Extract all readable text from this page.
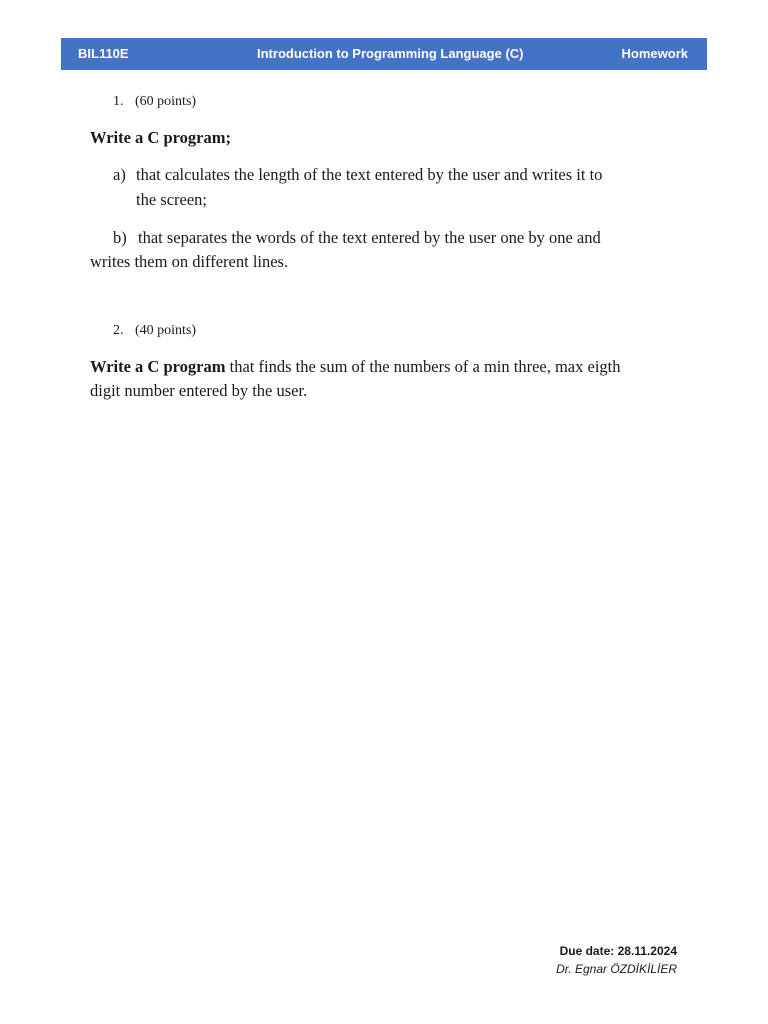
BIL110E	Introduction to Programming Language (C)	Homework
1. (60 points)
Write a C program;
a) that calculates the length of the text entered by the user and writes it to
the screen;
b) that separates the words of the text entered by the user one by one and
writes them on different lines.
2. (40 points)
Write a C program that finds the sum of the numbers of a min three, max eigth
digit number entered by the user.
Due date: 28.11.2024
Dr. Egnar ÖZDİKİLİER
